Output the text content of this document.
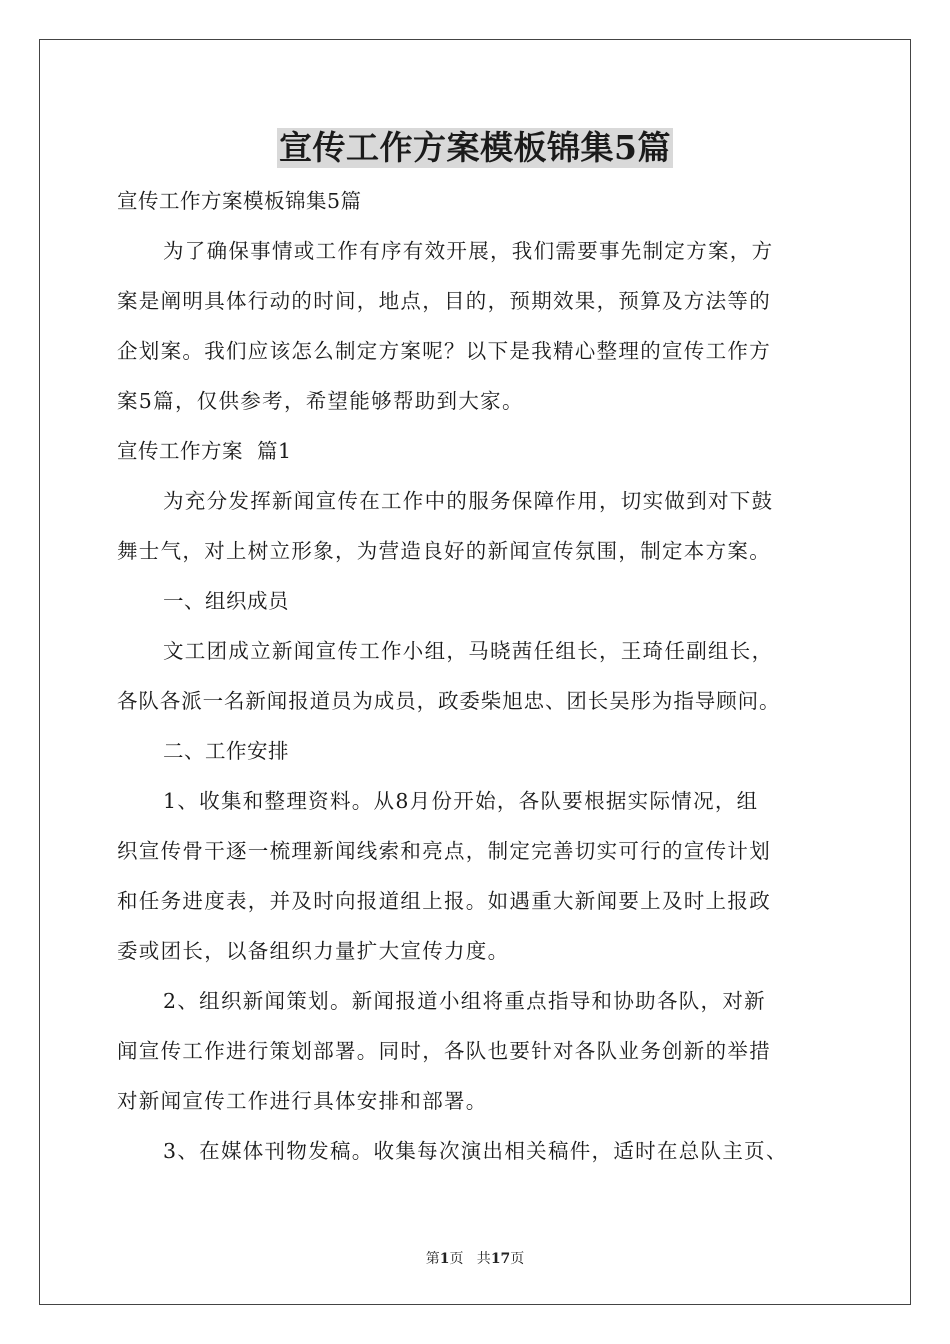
宣传工作方案模板锦集5篇
宣传工作方案模板锦集5篇
为了确保事情或工作有序有效开展，我们需要事先制定方案，方
案是阐明具体行动的时间，地点，目的，预期效果，预算及方法等的
企划案。我们应该怎么制定方案呢？以下是我精心整理的宣传工作方
案5篇，仅供参考，希望能够帮助到大家。
宣传工作方案  篇1
为充分发挥新闻宣传在工作中的服务保障作用，切实做到对下鼓
舞士气，对上树立形象，为营造良好的新闻宣传氛围，制定本方案。
一、组织成员
文工团成立新闻宣传工作小组，马晓茜任组长，王琦任副组长，
各队各派一名新闻报道员为成员，政委柴旭忠、团长吴彤为指导顾问。
二、工作安排
1、收集和整理资料。从8月份开始，各队要根据实际情况，组
织宣传骨干逐一梳理新闻线索和亮点，制定完善切实可行的宣传计划
和任务进度表，并及时向报道组上报。如遇重大新闻要上及时上报政
委或团长，以备组织力量扩大宣传力度。
2、组织新闻策划。新闻报道小组将重点指导和协助各队，对新
闻宣传工作进行策划部署。同时，各队也要针对各队业务创新的举措
对新闻宣传工作进行具体安排和部署。
3、在媒体刊物发稿。收集每次演出相关稿件，适时在总队主页、
第1页   共17页
